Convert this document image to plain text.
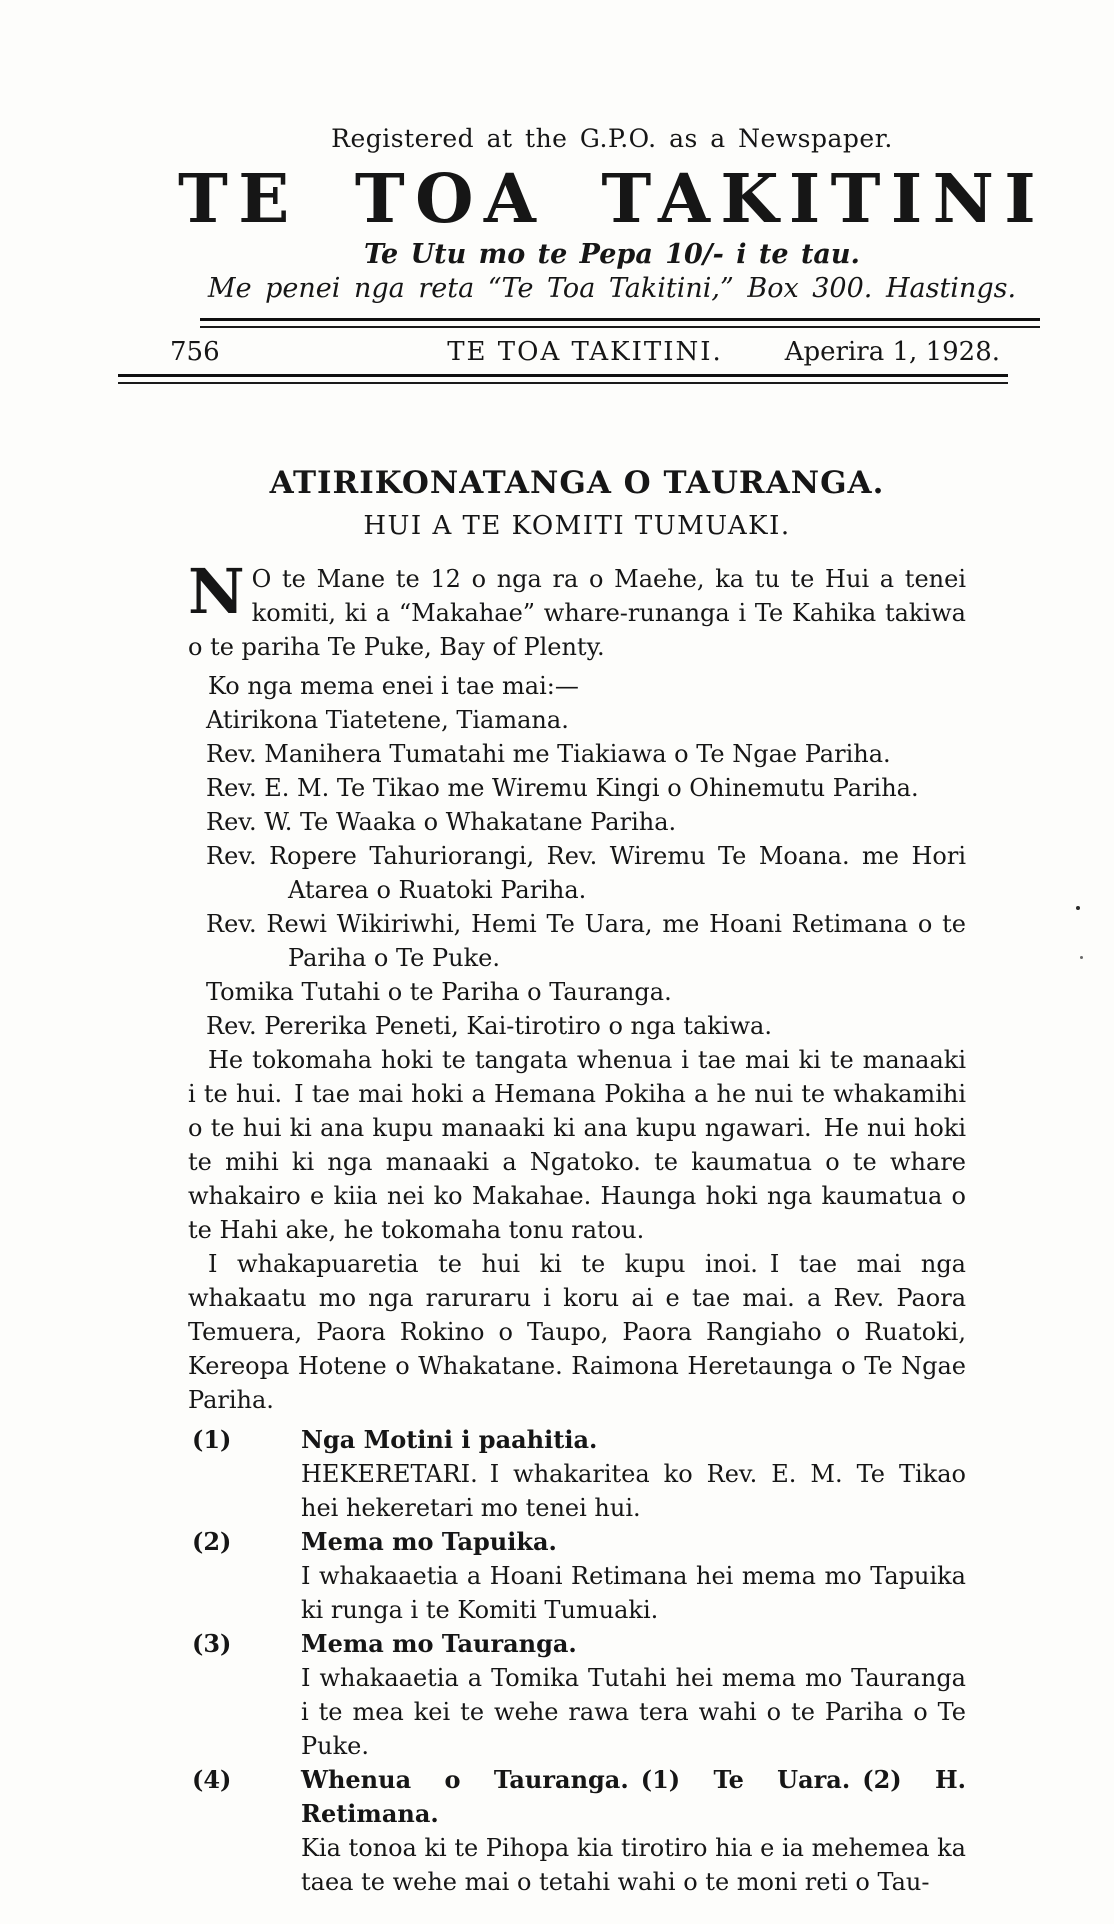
Registered at the G.P.O. as a Newspaper.
TE TOA TAKITINI
Te Utu mo te Pepa 10/- i te tau.
Me penei nga reta “Te Toa Takitini,” Box 300. Hastings.
756	TE TOA TAKITINI.	Aperira 1, 1928.
ATIRIKONATANGA O TAURANGA.
HUI A TE KOMITI TUMUAKI.

N O te Mane te 12 o nga ra o Maehe, ka tu te Hui a tenei komiti, ki a “Makahae” whare-runanga i Te Kahika takiwa o te pariha Te Puke, Bay of Plenty.

Ko nga mema enei i tae mai:—

Atirikona Tiatetene, Tiamana.
Rev. Manihera Tumatahi me Tiakiawa o Te Ngae Pariha.
Rev. E. M. Te Tikao me Wiremu Kingi o Ohinemutu Pariha.
Rev. W. Te Waaka o Whakatane Pariha.
Rev. Ropere Tahuriorangi, Rev. Wiremu Te Moana. me Hori Atarea o Ruatoki Pariha.
Rev. Rewi Wikiriwhi, Hemi Te Uara, me Hoani Retimana o te Pariha o Te Puke.
Tomika Tutahi o te Pariha o Tauranga.
Rev. Pererika Peneti, Kai-tirotiro o nga takiwa.

He tokomaha hoki te tangata whenua i tae mai ki te manaaki i te hui. I tae mai hoki a Hemana Pokiha a he nui te whakamihi o te hui ki ana kupu manaaki ki ana kupu ngawari. He nui hoki te mihi ki nga manaaki a Ngatoko. te kaumatua o te whare whakairo e kiia nei ko Makahae. Haunga hoki nga kaumatua o te Hahi ake, he tokomaha tonu ratou.

I whakapuaretia te hui ki te kupu inoi. I tae mai nga whakaatu mo nga raruraru i koru ai e tae mai. a Rev. Paora Temuera, Paora Rokino o Taupo, Paora Rangiaho o Ruatoki, Kereopa Hotene o Whakatane. Raimona Heretaunga o Te Ngae Pariha.

(1)	Nga Motini i paahitia.
HEKERETARI. I whakaritea ko Rev. E. M. Te Tikao hei hekeretari mo tenei hui.
(2)	Mema mo Tapuika.
I whakaaetia a Hoani Retimana hei mema mo Tapuika ki runga i te Komiti Tumuaki.
(3)	Mema mo Tauranga.
I whakaaetia a Tomika Tutahi hei mema mo Tauranga i te mea kei te wehe rawa tera wahi o te Pariha o Te Puke.
(4)	Whenua o Tauranga. (1) Te Uara. (2) H. Retimana.
Kia tonoa ki te Pihopa kia tirotiro hia e ia mehemea ka taea te wehe mai o tetahi wahi o te moni reti o Tau-
